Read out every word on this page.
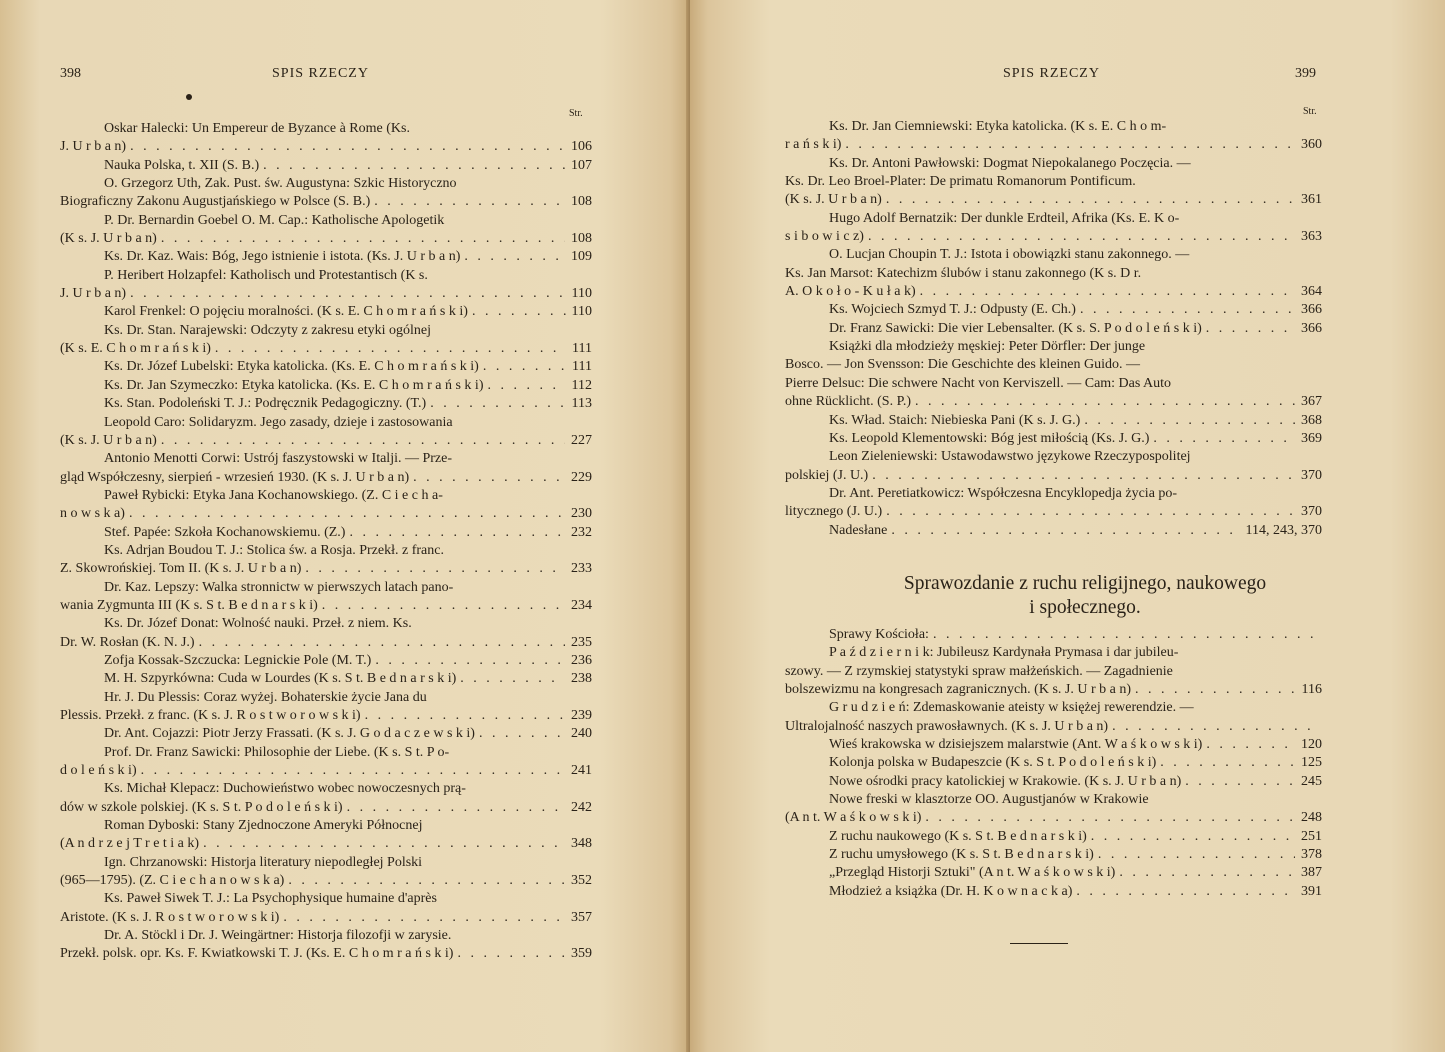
398	SPIS RZECZY
Str.
Oskar Halecki: Un Empereur de Byzance à Rome (Ks.
J. U r b a n) . . .	106
Nauka Polska, t. XII (S. B.) . . .	107
O. Grzegorz Uth, Zak. Pust. św. Augustyna: Szkic Historyczno
Biograficzny Zakonu Augustjańskiego w Polsce (S. B.) . . .	108
P. Dr. Bernardin Goebel O. M. Cap.: Katholische Apologetik
(K s. J. U r b a n) . . .	108
Ks. Dr. Kaz. Wais: Bóg, Jego istnienie i istota. (Ks. J. U r b a n) . . .	109
P. Heribert Holzapfel: Katholisch und Protestantisch (K s.
J. U r b a n) . . .	110
Karol Frenkel: O pojęciu moralności. (K s. E. C h o m r a ń s k i) . . .	110
Ks. Dr. Stan. Narajewski: Odczyty z zakresu etyki ogólnej
(K s. E. C h o m r a ń s k i) . . .	111
Ks. Dr. Józef Lubelski: Etyka katolicka. (Ks. E. C h o m r a ń s k i) . . .	111
Ks. Dr. Jan Szymeczko: Etyka katolicka. (Ks. E. C h o m r a ń s k i) . . .	112
Ks. Stan. Podoleński T. J.: Podręcznik Pedagogiczny. (T.) . . .	113
Leopold Caro: Solidaryzm. Jego zasady, dzieje i zastosowania
(K s. J. U r b a n) . . .	227
Antonio Menotti Corwi: Ustrój faszystowski w Italji. — Prze-
gląd Współczesny, sierpień - wrzesień 1930. (K s. J. U r b a n) . . .	229
Paweł Rybicki: Etyka Jana Kochanowskiego. (Z. C i e c h a-
n o w s k a) . . .	230
Stef. Papée: Szkoła Kochanowskiemu. (Z.) . . .	232
Ks. Adrjan Boudou T. J.: Stolica św. a Rosja. Przekł. z franc.
Z. Skowrońskiej. Tom II. (K s. J. U r b a n) . . .	233
Dr. Kaz. Lepszy: Walka stronnictw w pierwszych latach pano-
wania Zygmunta III (K s. S t. B e d n a r s k i) . . .	234
Ks. Dr. Józef Donat: Wolność nauki. Przeł. z niem. Ks.
Dr. W. Rosłan (K. N. J.) . . .	235
Zofja Kossak-Szczucka: Legnickie Pole (M. T.) . . .	236
M. H. Szpyrkówna: Cuda w Lourdes (K s. S t. B e d n a r s k i) . . .	238
Hr. J. Du Plessis: Coraz wyżej. Bohaterskie życie Jana du
Plessis. Przekł. z franc. (K s. J. R o s t w o r o w s k i) . . .	239
Dr. Ant. Cojazzi: Piotr Jerzy Frassati. (K s. J. G o d a c z e w s k i) . . .	240
Prof. Dr. Franz Sawicki: Philosophie der Liebe. (K s. S t. P o-
d o l e ń s k i) . . .	241
Ks. Michał Klepacz: Duchowieństwo wobec nowoczesnych prą-
dów w szkole polskiej. (K s. S t. P o d o l e ń s k i) . . .	242
Roman Dyboski: Stany Zjednoczone Ameryki Północnej
(A n d r z e j T r e t i a k) . . .	348
Ign. Chrzanowski: Historja literatury niepodległej Polski
(965—1795). (Z. C i e c h a n o w s k a) . . .	352
Ks. Paweł Siwek T. J.: La Psychophysique humaine d'après
Aristote. (K s. J. R o s t w o r o w s k i) . . .	357
Dr. A. Stöckl i Dr. J. Weingärtner: Historja filozofji w zarysie.
Przekł. polsk. opr. Ks. F. Kwiatkowski T. J. (Ks. E. C h o m r a ń s k i) . . .	359
SPIS RZECZY	399
Str.
Ks. Dr. Jan Ciemniewski: Etyka katolicka. (K s. E. C h o m-
r a ń s k i) . . .	360
Ks. Dr. Antoni Pawłowski: Dogmat Niepokalanego Poczęcia. —
Ks. Dr. Leo Broel-Plater: De primatu Romanorum Pontificum.
(K s. J. U r b a n) . . .	361
Hugo Adolf Bernatzik: Der dunkle Erdteil, Afrika (Ks. E. K o-
s i b o w i c z) . . .	363
O. Lucjan Choupin T. J.: Istota i obowiązki stanu zakonnego. —
Ks. Jan Marsot: Katechizm ślubów i stanu zakonnego (K s. D r.
A. O k o ł o - K u ł a k) . . .	364
Ks. Wojciech Szmyd T. J.: Odpusty (E. Ch.) . . .	366
Dr. Franz Sawicki: Die vier Lebensalter. (K s. S. P o d o l e ń s k i) . . .	366
Książki dla młodzieży męskiej: Peter Dörfler: Der junge
Bosco. — Jon Svensson: Die Geschichte des kleinen Guido. —
Pierre Delsuc: Die schwere Nacht von Kerviszell. — Cam: Das Auto
ohne Rücklicht. (S. P.) . . .	367
Ks. Wład. Staich: Niebieska Pani (K s. J. G.) . . .	368
Ks. Leopold Klementowski: Bóg jest miłością (Ks. J. G.) . . .	369
Leon Zieleniewski: Ustawodawstwo językowe Rzeczypospolitej
polskiej (J. U.) . . .	370
Dr. Ant. Peretiatkowicz: Współczesna Encyklopedja życia po-
litycznego (J. U.) . . .	370
Nadesłane . . .	114, 243, 370
Sprawozdanie z ruchu religijnego, naukowego
i społecznego.
Sprawy Kościoła:
. . .
P a ź d z i e r n i k: Jubileusz Kardynała Prymasa i dar jubileu-
szowy. — Z rzymskiej statystyki spraw małżeńskich. — Zagadnienie
bolszewizmu na kongresach zagranicznych. (K s. J. U r b a n) . . .	116
G r u d z i e ń: Zdemaskowanie ateisty w księżej rewerendzie. —
Ultralojalność naszych prawosławnych. (K s. J. U r b a n)
. . .
Wieś krakowska w dzisiejszem malarstwie (Ant. W a ś k o w s k i) . . .	120
Kolonja polska w Budapeszcie (K s. S t. P o d o l e ń s k i) . . .	125
Nowe ośrodki pracy katolickiej w Krakowie. (K s. J. U r b a n) . . .	245
Nowe freski w klasztorze OO. Augustjanów w Krakowie
(A n t. W a ś k o w s k i) . . .	248
Z ruchu naukowego (K s. S t. B e d n a r s k i) . . .	251
Z ruchu umysłowego (K s. S t. B e d n a r s k i) . . .	378
„Przegląd Historji Sztuki" (A n t. W a ś k o w s k i) . . .	387
Młodzież a książka (Dr. H. K o w n a c k a) . . .	391
